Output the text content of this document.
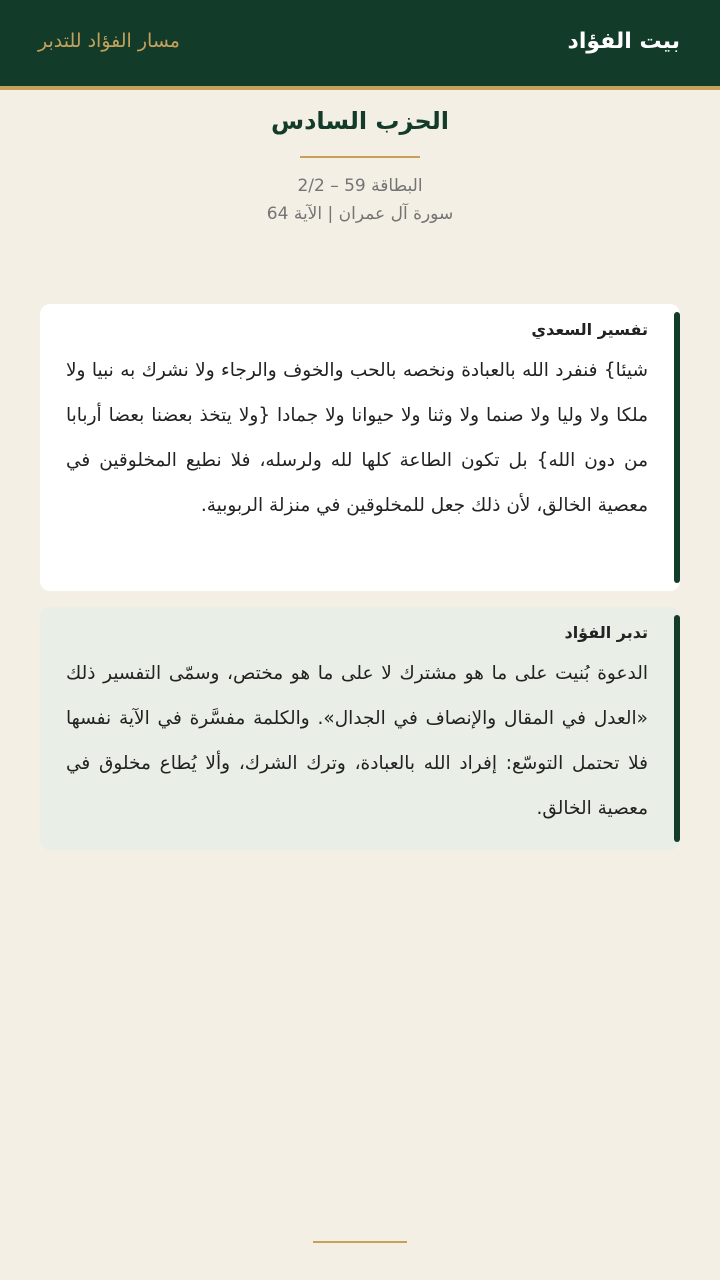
بيت الفؤاد
مسار الفؤاد للتدبر
الحزب السادس
البطاقة 59 – 2/2
سورة آل عمران | الآية 64
تفسير السعدي

شيئا} فنفرد الله بالعبادة ونخصه بالحب والخوف والرجاء ولا نشرك به نبيا ولا ملكا ولا وليا ولا صنما ولا وثنا ولا حيوانا ولا جمادا {ولا يتخذ بعضنا بعضا أربابا من دون الله} بل تكون الطاعة كلها لله ولرسله، فلا نطيع المخلوقين في معصية الخالق، لأن ذلك جعل للمخلوقين في منزلة الربوبية.

تدبر الفؤاد

الدعوة بُنيت على ما هو مشترك لا على ما هو مختص، وسمّى التفسير ذلك «العدل في المقال والإنصاف في الجدال». والكلمة مفسَّرة في الآية نفسها فلا تحتمل التوسّع: إفراد الله بالعبادة، وترك الشرك، وألا يُطاع مخلوق في معصية الخالق.
